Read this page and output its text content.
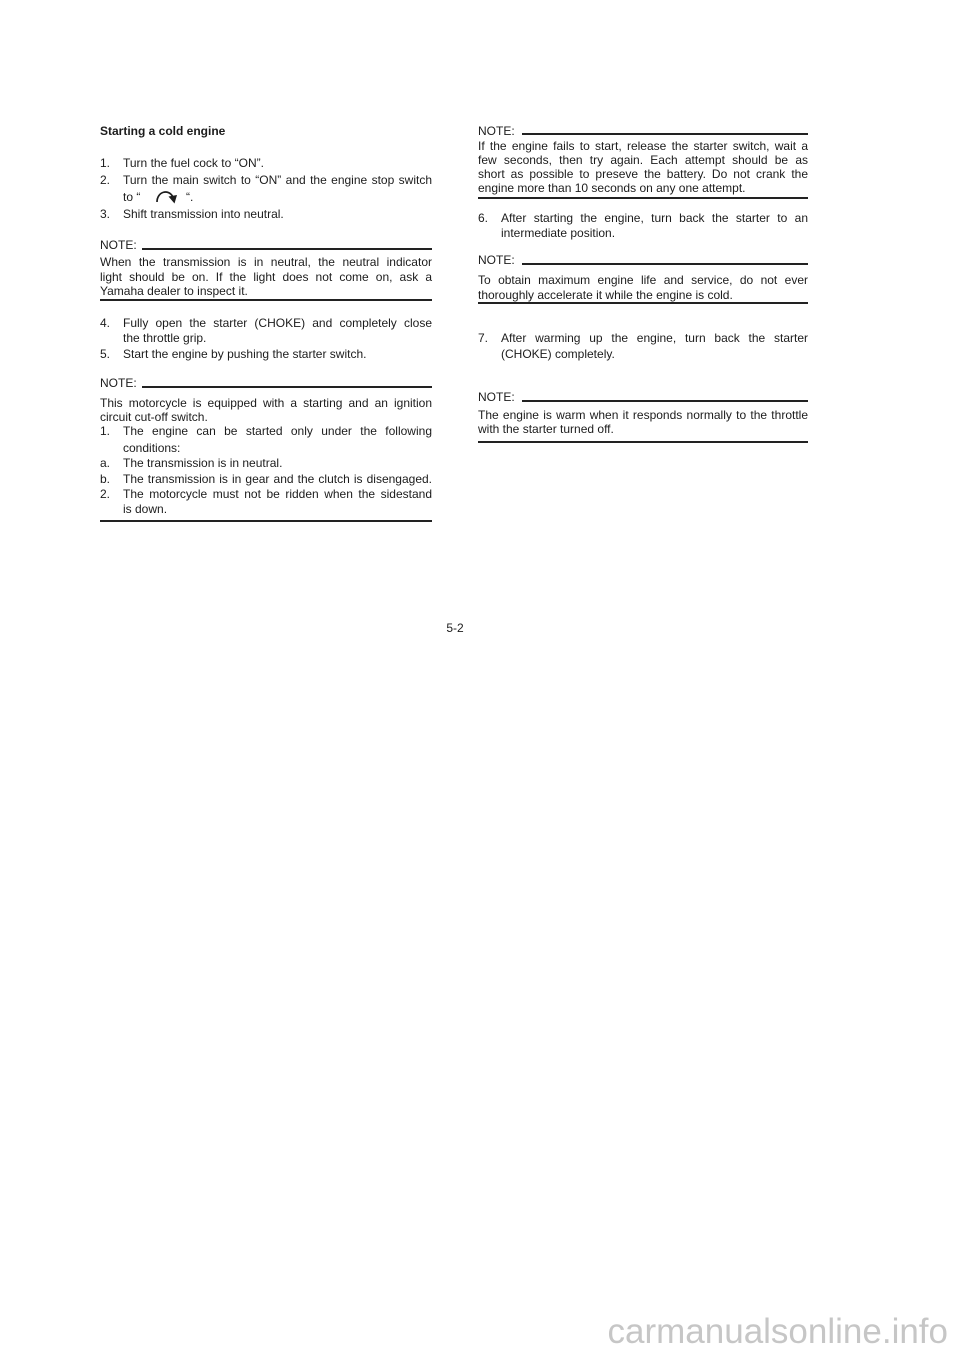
Starting a cold engine
1.	Turn the fuel cock to “ON”.
2.	Turn the main switch to “ON” and the engine stop switch
to “	“.
3.	Shift transmission into neutral.
NOTE:
When the transmission is in neutral, the neutral indicator
light should be on. If the light does not come on, ask a
Yamaha dealer to inspect it.
4.	Fully open the starter (CHOKE) and completely close
the throttle grip.
5.	Start the engine by pushing the starter switch.
NOTE:
This motorcycle is equipped with a starting and an ignition
circuit cut-off switch.
1.	The engine can be started only under the following
conditions:
a.	The transmission is in neutral.
b.	The transmission is in gear and the clutch is disengaged.
2.	The motorcycle must not be ridden when the sidestand
is down.
NOTE:
If the engine fails to start, release the starter switch, wait a
few seconds, then try again. Each attempt should be as
short as possible to preseve the battery. Do not crank the
engine more than 10 seconds on any one attempt.
6.	After starting the engine, turn back the starter to an
intermediate position.
NOTE:
To obtain maximum engine life and service, do not ever
thoroughly accelerate it while the engine is cold.
7.	After warming up the engine, turn back the starter
(CHOKE) completely.
NOTE:
The engine is warm when it responds normally to the throttle
with the starter turned off.
5-2
carmanualsonline.info
